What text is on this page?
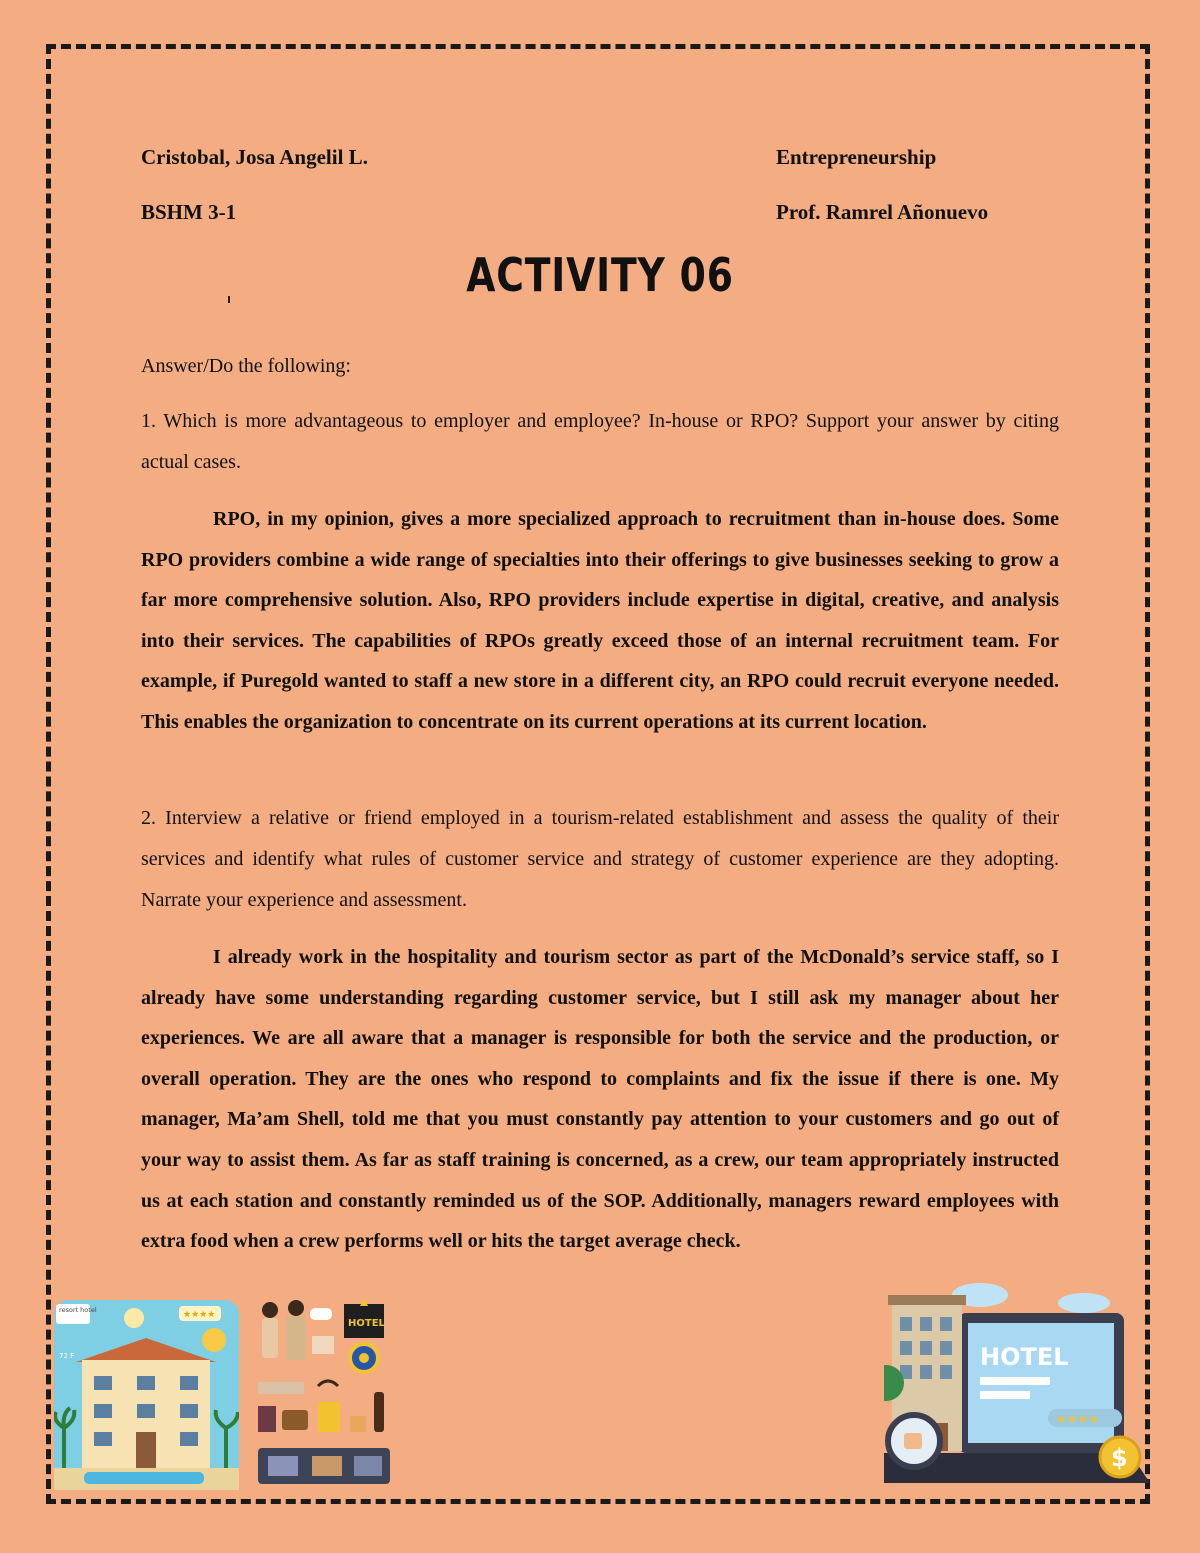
Cristobal, Josa Angelil L.
BSHM 3-1
Entrepreneurship
Prof. Ramrel Añonuevo
ACTIVITY 06
Answer/Do the following:
1. Which is more advantageous to employer and employee? In-house or RPO? Support your answer by citing actual cases.
RPO, in my opinion, gives a more specialized approach to recruitment than in-house does. Some RPO providers combine a wide range of specialties into their offerings to give businesses seeking to grow a far more comprehensive solution. Also, RPO providers include expertise in digital, creative, and analysis into their services. The capabilities of RPOs greatly exceed those of an internal recruitment team. For example, if Puregold wanted to staff a new store in a different city, an RPO could recruit everyone needed. This enables the organization to concentrate on its current operations at its current location.
2. Interview a relative or friend employed in a tourism-related establishment and assess the quality of their services and identify what rules of customer service and strategy of customer experience are they adopting. Narrate your experience and assessment.
I already work in the hospitality and tourism sector as part of the McDonald’s service staff, so I already have some understanding regarding customer service, but I still ask my manager about her experiences. We are all aware that a manager is responsible for both the service and the production, or overall operation. They are the ones who respond to complaints and fix the issue if there is one. My manager, Ma’am Shell, told me that you must constantly pay attention to your customers and go out of your way to assist them. As far as staff training is concerned, as a crew, our team appropriately instructed us at each station and constantly reminded us of the SOP. Additionally, managers reward employees with extra food when a crew performs well or hits the target average check.
resort hotel
72 F
★★★★
HOTEL
HOTEL
★★★★
$
